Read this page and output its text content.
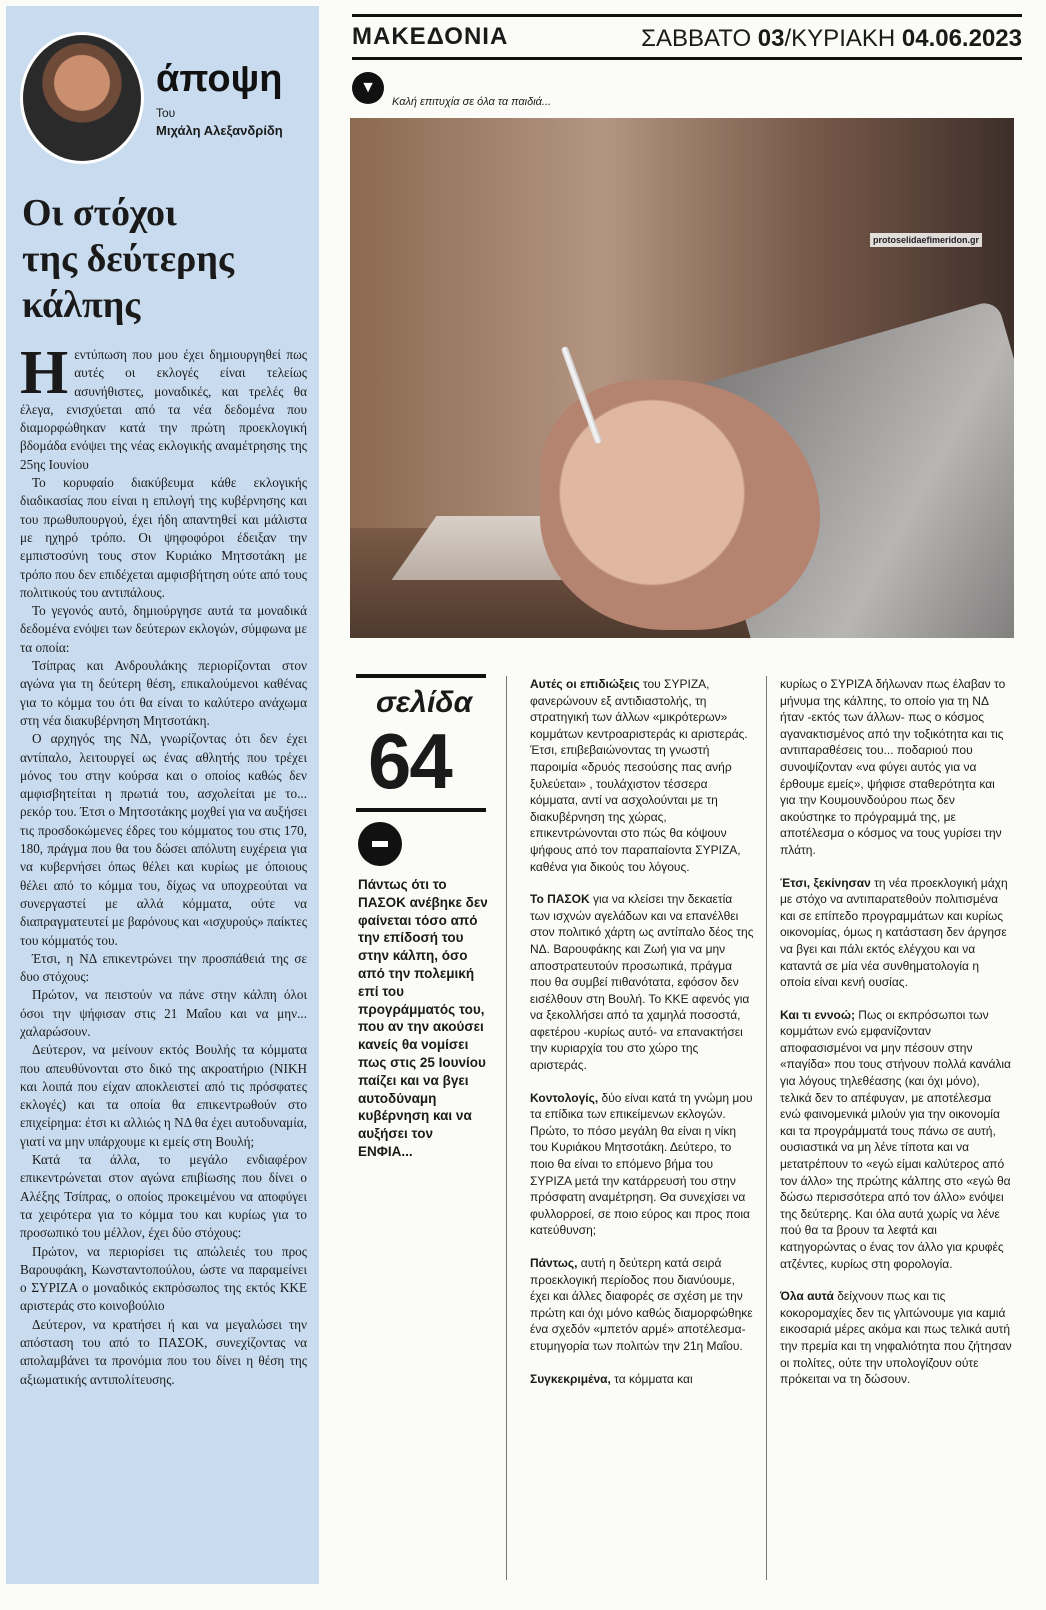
άποψη
Του
Μιχάλη Αλεξανδρίδη
Οι στόχοι
της δεύτερης
κάλπης

Ηεντύπωση που μου έχει δημιουργηθεί πως αυτές οι εκλογές είναι τελείως ασυνήθιστες, μοναδικές, και τρελές θα έλεγα, ενισχύεται από τα νέα δεδομένα που διαμορφώθηκαν κατά την πρώτη προεκλογική βδομάδα ενόψει της νέας εκλογικής αναμέτρησης της 25ης Ιουνίου

Το κορυφαίο διακύβευμα κάθε εκλογικής διαδικασίας που είναι η επιλογή της κυβέρνησης και του πρωθυπουργού, έχει ήδη απαντηθεί και μάλιστα με ηχηρό τρόπο. Οι ψηφοφόροι έδειξαν την εμπιστοσύνη τους στον Κυριάκο Μητσοτάκη με τρόπο που δεν επιδέχεται αμφισβήτηση ούτε από τους πολιτικούς του αντιπάλους.

Το γεγονός αυτό, δημιούργησε αυτά τα μοναδικά δεδομένα ενόψει των δεύτερων εκλογών, σύμφωνα με τα οποία:

Τσίπρας και Ανδρουλάκης περιορίζονται στον αγώνα για τη δεύτερη θέση, επικαλούμενοι καθένας για το κόμμα του ότι θα είναι το καλύτερο ανάχωμα στη νέα διακυβέρνηση Μητσοτάκη.

Ο αρχηγός της ΝΔ, γνωρίζοντας ότι δεν έχει αντίπαλο, λειτουργεί ως ένας αθλητής που τρέχει μόνος του στην κούρσα και ο οποίος καθώς δεν αμφισβητείται η πρωτιά του, ασχολείται με το... ρεκόρ του. Έτσι ο Μητσοτάκης μοχθεί για να αυξήσει τις προσδοκώμενες έδρες του κόμματος του στις 170, 180, πράγμα που θα του δώσει απόλυτη ευχέρεια για να κυβερνήσει όπως θέλει και κυρίως με όποιους θέλει από το κόμμα του, δίχως να υποχρεούται να συνεργαστεί με αλλά κόμματα, ούτε να διαπραγματευτεί με βαρόνους και «ισχυρούς» παίκτες του κόμματός του.

Έτσι, η ΝΔ επικεντρώνει την προσπάθειά της σε δυο στόχους:

Πρώτον, να πειστούν να πάνε στην κάλπη όλοι όσοι την ψήφισαν στις 21 Μαΐου και να μην... χαλαρώσουν.

Δεύτερον, να μείνουν εκτός Βουλής τα κόμματα που απευθύνονται στο δικό της ακροατήριο (ΝΙΚΗ και λοιπά που είχαν αποκλειστεί από τις πρόσφατες εκλογές) και τα οποία θα επικεντρωθούν στο επιχείρημα: έτσι κι αλλιώς η ΝΔ θα έχει αυτοδυναμία, γιατί να μην υπάρχουμε κι εμείς στη Βουλή;

Κατά τα άλλα, το μεγάλο ενδιαφέρον επικεντρώνεται στον αγώνα επιβίωσης που δίνει ο Αλέξης Τσίπρας, ο οποίος προκειμένου να αποφύγει τα χειρότερα για το κόμμα του και κυρίως για το προσωπικό του μέλλον, έχει δύο στόχους:

Πρώτον, να περιορίσει τις απώλειές του προς Βαρουφάκη, Κωνσταντοπούλου, ώστε να παραμείνει ο ΣΥΡΙΖΑ ο μοναδικός εκπρόσωπος της εκτός ΚΚΕ αριστεράς στο κοινοβούλιο

Δεύτερον, να κρατήσει ή και να μεγαλώσει την απόσταση του από το ΠΑΣΟΚ, συνεχίζοντας να απολαμβάνει τα προνόμια που του δίνει η θέση της αξιωματικής αντιπολίτευσης.

ΜΑΚΕΔΟΝΙΑ	ΣΑΒΒΑΤΟ 03/ΚΥΡΙΑΚΗ 04.06.2023
▼
Καλή επιτυχία σε όλα τα παιδιά...
protoselidaefimeridon.gr
σελίδα
64
Πάντως ότι το ΠΑΣΟΚ ανέβηκε δεν φαίνεται τόσο από την επίδοσή του στην κάλπη, όσο από την πολεμική επί του προγράμματός του, που αν την ακούσει κανείς θα νομίσει πως στις 25 Ιουνίου παίζει και να βγει αυτοδύναμη κυβέρνηση και να αυξήσει τον ΕΝΦΙΑ...

Αυτές οι επιδιώξεις του ΣΥΡΙΖΑ, φανερώνουν εξ αντιδιαστολής, τη στρατηγική των άλλων «μικρότερων» κομμάτων κεντροαριστεράς κι αριστεράς. Έτσι, επιβεβαιώνοντας τη γνωστή παροιμία «δρυός πεσούσης πας ανήρ ξυλεύεται» , τουλάχιστον τέσσερα κόμματα, αντί να ασχολούνται με τη διακυβέρνηση της χώρας, επικεντρώνονται στο πώς θα κόψουν ψήφους από τον παραπαίοντα ΣΥΡΙΖΑ, καθένα για δικούς του λόγους.

Το ΠΑΣΟΚ για να κλείσει την δεκαετία των ισχνών αγελάδων και να επανέλθει στον πολιτικό χάρτη ως αντίπαλο δέος της ΝΔ. Βαρουφάκης και Ζωή για να μην αποστρατευτούν προσωπικά, πράγμα που θα συμβεί πιθανότατα, εφόσον δεν εισέλθουν στη Βουλή. Το ΚΚΕ αφενός για να ξεκολλήσει από τα χαμηλά ποσοστά, αφετέρου -κυρίως αυτό- να επανακτήσει την κυριαρχία του στο χώρο της αριστεράς.

Κοντολογίς, δύο είναι κατά τη γνώμη μου τα επίδικα των επικείμενων εκλογών. Πρώτο, το πόσο μεγάλη θα είναι η νίκη του Κυριάκου Μητσοτάκη. Δεύτερο, το ποιο θα είναι το επόμενο βήμα του ΣΥΡΙΖΑ μετά την κατάρρευσή του στην πρόσφατη αναμέτρηση. Θα συνεχίσει να φυλλορροεί, σε ποιο εύρος και προς ποια κατεύθυνση;

Πάντως, αυτή η δεύτερη κατά σειρά προεκλογική περίοδος που διανύουμε, έχει και άλλες διαφορές σε σχέση με την πρώτη και όχι μόνο καθώς διαμορφώθηκε ένα σχεδόν «μπετόν αρμέ» αποτέλεσμα-ετυμηγορία των πολιτών την 21η Μαΐου.

Συγκεκριμένα, τα κόμματα και

κυρίως ο ΣΥΡΙΖΑ δήλωναν πως έλαβαν το μήνυμα της κάλπης, το οποίο για τη ΝΔ ήταν -εκτός των άλλων- πως ο κόσμος αγανακτισμένος από την τοξικότητα και τις αντιπαραθέσεις του... ποδαριού που συνοψίζονταν «να φύγει αυτός για να έρθουμε εμείς», ψήφισε σταθερότητα και για την Κουμουνδούρου πως δεν ακούστηκε το πρόγραμμά της, με αποτέλεσμα ο κόσμος να τους γυρίσει την πλάτη.

Έτσι, ξεκίνησαν τη νέα προεκλογική μάχη με στόχο να αντιπαρατεθούν πολιτισμένα και σε επίπεδο προγραμμάτων και κυρίως οικονομίας, όμως η κατάσταση δεν άργησε να βγει και πάλι εκτός ελέγχου και να καταντά σε μία νέα συνθηματολογία η οποία είναι κενή ουσίας.

Και τι εννοώ; Πως οι εκπρόσωποι των κομμάτων ενώ εμφανίζονταν αποφασισμένοι να μην πέσουν στην «παγίδα» που τους στήνουν πολλά κανάλια για λόγους τηλεθέασης (και όχι μόνο), τελικά δεν το απέφυγαν, με αποτέλεσμα ενώ φαινομενικά μιλούν για την οικονομία και τα προγράμματά τους πάνω σε αυτή, ουσιαστικά να μη λένε τίποτα και να μετατρέπουν το «εγώ είμαι καλύτερος από τον άλλο» της πρώτης κάλπης στο «εγώ θα δώσω περισσότερα από τον άλλο» ενόψει της δεύτερης. Και όλα αυτά χωρίς να λένε πού θα τα βρουν τα λεφτά και κατηγορώντας ο ένας τον άλλο για κρυφές ατζέντες, κυρίως στη φορολογία.

Όλα αυτά δείχνουν πως και τις κοκορομαχίες δεν τις γλιτώνουμε για καμιά εικοσαριά μέρες ακόμα και πως τελικά αυτή την πρεμία και τη νηφαλιότητα που ζήτησαν οι πολίτες, ούτε την υπολογίζουν ούτε πρόκειται να τη δώσουν.
